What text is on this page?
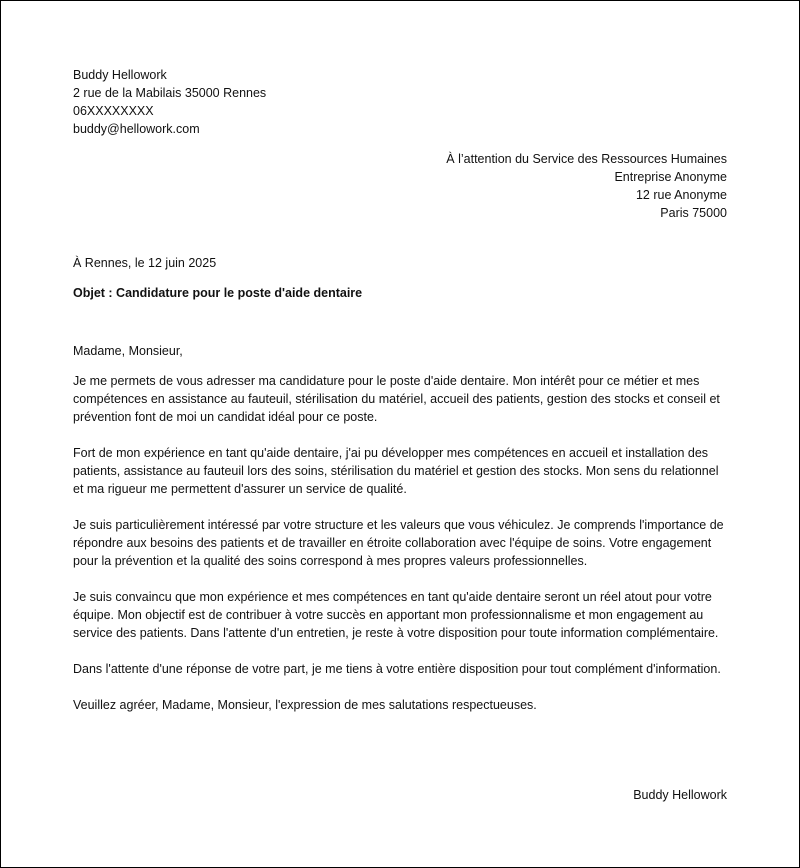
Buddy Hellowork
2 rue de la Mabilais 35000 Rennes
06XXXXXXXX
buddy@hellowork.com
À l’attention du Service des Ressources Humaines
Entreprise Anonyme
12 rue Anonyme
Paris 75000
À Rennes, le 12 juin 2025
Objet : Candidature pour le poste d'aide dentaire
Madame, Monsieur,

Je me permets de vous adresser ma candidature pour le poste d'aide dentaire. Mon intérêt pour ce métier et mes compétences en assistance au fauteuil, stérilisation du matériel, accueil des patients, gestion des stocks et conseil et prévention font de moi un candidat idéal pour ce poste.

Fort de mon expérience en tant qu'aide dentaire, j'ai pu développer mes compétences en accueil et installation des patients, assistance au fauteuil lors des soins, stérilisation du matériel et gestion des stocks. Mon sens du relationnel et ma rigueur me permettent d'assurer un service de qualité.

Je suis particulièrement intéressé par votre structure et les valeurs que vous véhiculez. Je comprends l'importance de répondre aux besoins des patients et de travailler en étroite collaboration avec l'équipe de soins. Votre engagement pour la prévention et la qualité des soins correspond à mes propres valeurs professionnelles.

Je suis convaincu que mon expérience et mes compétences en tant qu'aide dentaire seront un réel atout pour votre équipe. Mon objectif est de contribuer à votre succès en apportant mon professionnalisme et mon engagement au service des patients. Dans l'attente d'un entretien, je reste à votre disposition pour toute information complémentaire.

Dans l'attente d'une réponse de votre part, je me tiens à votre entière disposition pour tout complément d'information.

Veuillez agréer, Madame, Monsieur, l'expression de mes salutations respectueuses.

Buddy Hellowork
